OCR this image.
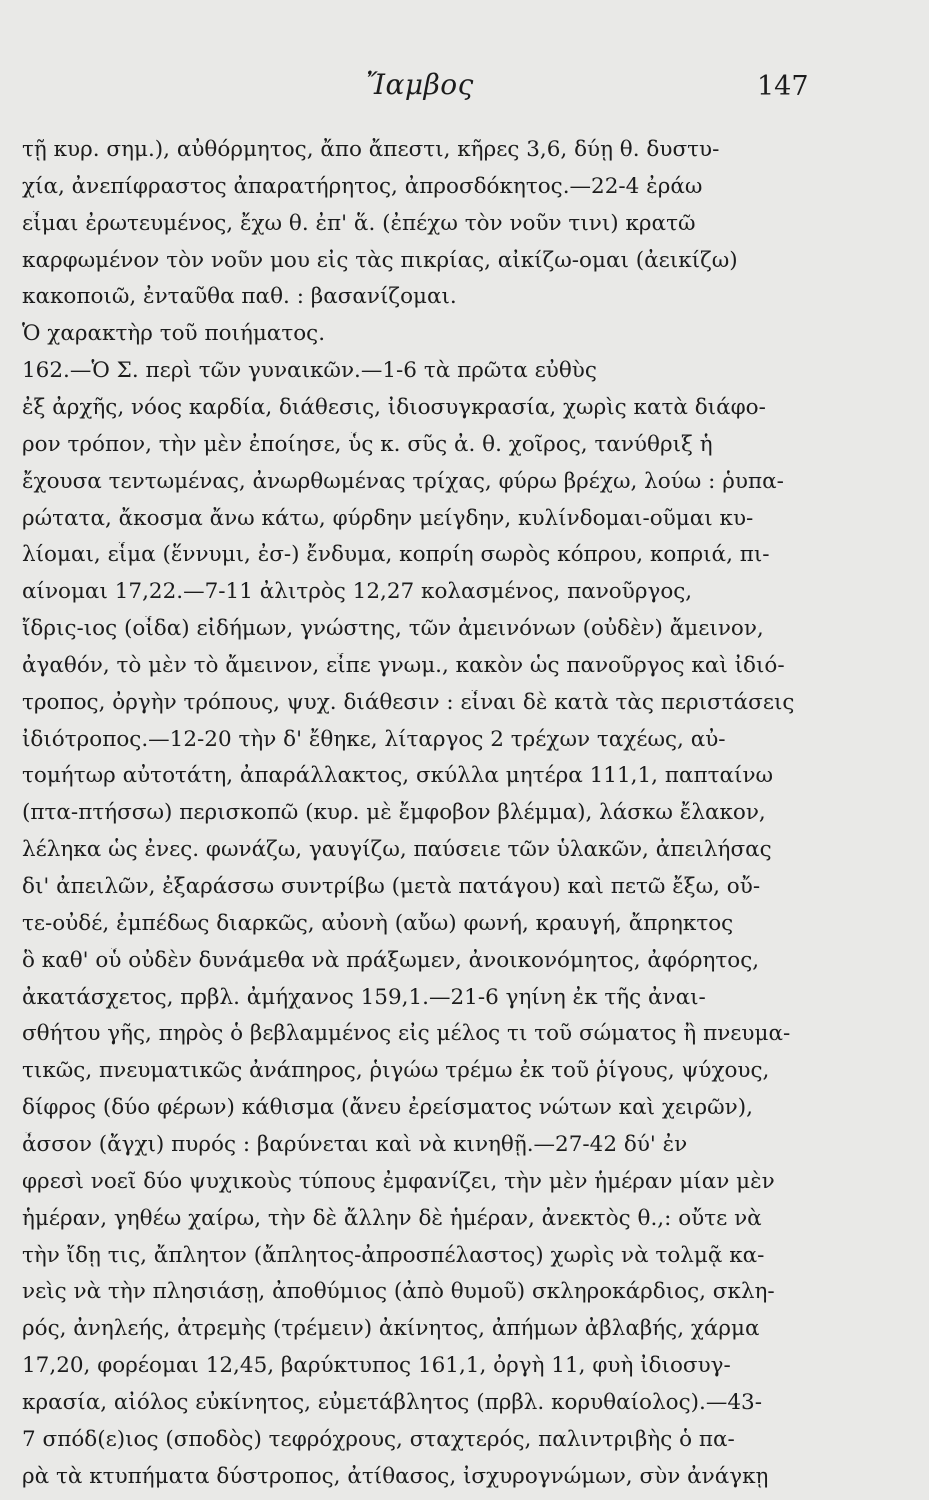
Ἴαμβος	147
τῇ κυρ. σημ.), αὐθόρμητος, ἄπο ἄπεστι, κῆρες 3,6, δύῃ θ. δυστυ-
χία, ἀνεπίφραστος ἀπαρατήρητος, ἀπροσδόκητος.—22-4 ἐράω
εἶμαι ἐρωτευμένος, ἔχω θ. ἐπ' ἅ. (ἐπέχω τὸν νοῦν τινι) κρατῶ
καρφωμένον τὸν νοῦν μου εἰς τὰς πικρίας, αἰκίζω-ομαι (ἀεικίζω)
κακοποιῶ, ἐνταῦθα παθ. : βασανίζομαι.
Ὁ χαρακτὴρ τοῦ ποιήματος.
162.—Ὁ Σ. περὶ τῶν γυναικῶν.—1-6 τὰ πρῶτα εὐθὺς
ἐξ ἀρχῆς, νόος καρδία, διάθεσις, ἰδιοσυγκρασία, χωρὶς κατὰ διάφο-
ρον τρόπον, τὴν μὲν ἐποίησε, ὗς κ. σῦς ἀ. θ. χοῖρος, τανύθριξ ἡ
ἔχουσα τεντωμένας, ἀνωρθωμένας τρίχας, φύρω βρέχω, λούω : ῥυπα-
ρώτατα, ἄκοσμα ἄνω κάτω, φύρδην μείγδην, κυλίνδομαι-οῦμαι κυ-
λίομαι, εἷμα (ἕννυμι, ἐσ-) ἔνδυμα, κοπρίη σωρὸς κόπρου, κοπριά, πι-
αίνομαι 17,22.—7-11 ἀλιτρὸς 12,27 κολασμένος, πανοῦργος,
ἴδρις-ιος (οἶδα) εἰδήμων, γνώστης, τῶν ἀμεινόνων (οὐδὲν) ἄμεινον,
ἀγαθόν, τὸ μὲν τὸ ἄμεινον, εἶπε γνωμ., κακὸν ὡς πανοῦργος καὶ ἰδιό-
τροπος, ὀργὴν τρόπους, ψυχ. διάθεσιν : εἶναι δὲ κατὰ τὰς περιστάσεις
ἰδιότροπος.—12-20 τὴν δ' ἔθηκε, λίταργος 2 τρέχων ταχέως, αὐ-
τομήτωρ αὐτοτάτη, ἀπαράλλακτος, σκύλλα μητέρα 111,1, παπταίνω
(πτα-πτήσσω) περισκοπῶ (κυρ. μὲ ἔμφοβον βλέμμα), λάσκω ἔλακον,
λέληκα ὡς ἐνες. φωνάζω, γαυγίζω, παύσειε τῶν ὑλακῶν, ἀπειλήσας
δι' ἀπειλῶν, ἐξαράσσω συντρίβω (μετὰ πατάγου) καὶ πετῶ ἔξω, οὔ-
τε-οὐδέ, ἐμπέδως διαρκῶς, αὐονὴ (αὔω) φωνή, κραυγή, ἄπρηκτος
ὃ καθ' οὗ οὐδὲν δυνάμεθα νὰ πράξωμεν, ἀνοικονόμητος, ἀφόρητος,
ἀκατάσχετος, πρβλ. ἀμήχανος 159,1.—21-6 γηίνη ἐκ τῆς ἀναι-
σθήτου γῆς, πηρὸς ὁ βεβλαμμένος εἰς μέλος τι τοῦ σώματος ἢ πνευμα-
τικῶς, πνευματικῶς ἀνάπηρος, ῥιγώω τρέμω ἐκ τοῦ ῥίγους, ψύχους,
δίφρος (δύο φέρων) κάθισμα (ἄνευ ἐρείσματος νώτων καὶ χειρῶν),
ἆσσον (ἄγχι) πυρός : βαρύνεται καὶ νὰ κινηθῇ.—27-42 δύ' ἐν
φρεσὶ νοεῖ δύο ψυχικοὺς τύπους ἐμφανίζει, τὴν μὲν ἡμέραν μίαν μὲν
ἡμέραν, γηθέω χαίρω, τὴν δὲ ἄλλην δὲ ἡμέραν, ἀνεκτὸς θ.,: οὔτε νὰ
τὴν ἴδῃ τις, ἄπλητον (ἄπλητος-ἀπροσπέλαστος) χωρὶς νὰ τολμᾷ κα-
νεὶς νὰ τὴν πλησιάσῃ, ἀποθύμιος (ἀπὸ θυμοῦ) σκληροκάρδιος, σκλη-
ρός, ἀνηλεής, ἀτρεμὴς (τρέμειν) ἀκίνητος, ἀπήμων ἀβλαβής, χάρμα
17,20, φορέομαι 12,45, βαρύκτυπος 161,1, ὀργὴ 11, φυὴ ἰδιοσυγ-
κρασία, αἰόλος εὐκίνητος, εὐμετάβλητος (πρβλ. κορυθαίολος).—43-
7 σπόδ(ε)ιος (σποδὸς) τεφρόχρους, σταχτερός, παλιντριβὴς ὁ πα-
ρὰ τὰ κτυπήματα δύστροπος, ἀτίθασος, ἰσχυρογνώμων, σὺν ἀνάγκῃ
